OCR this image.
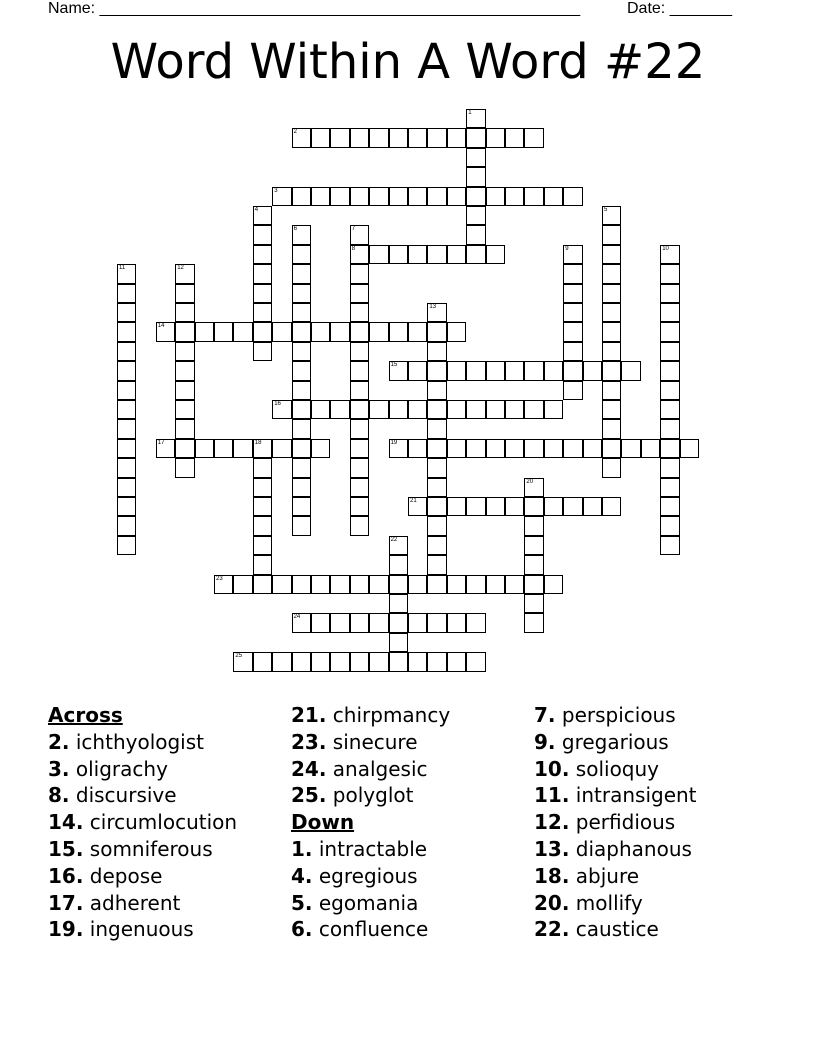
Name: ______________________________________________________	Date: _______
Word Within A Word #22
1
2
3
4	5
6	7
8	9	10
11	12
13
14
15
16
17	18	19
20
21
22
23
24
25
Across
2. ichthyologist
3. oligrachy
8. discursive
14. circumlocution
15. somniferous
16. depose
17. adherent
19. ingenuous
21. chirpmancy
23. sinecure
24. analgesic
25. polyglot
Down
1. intractable
4. egregious
5. egomania
6. confluence
7. perspicious
9. gregarious
10. solioquy
11. intransigent
12. perfidious
13. diaphanous
18. abjure
20. mollify
22. caustice
